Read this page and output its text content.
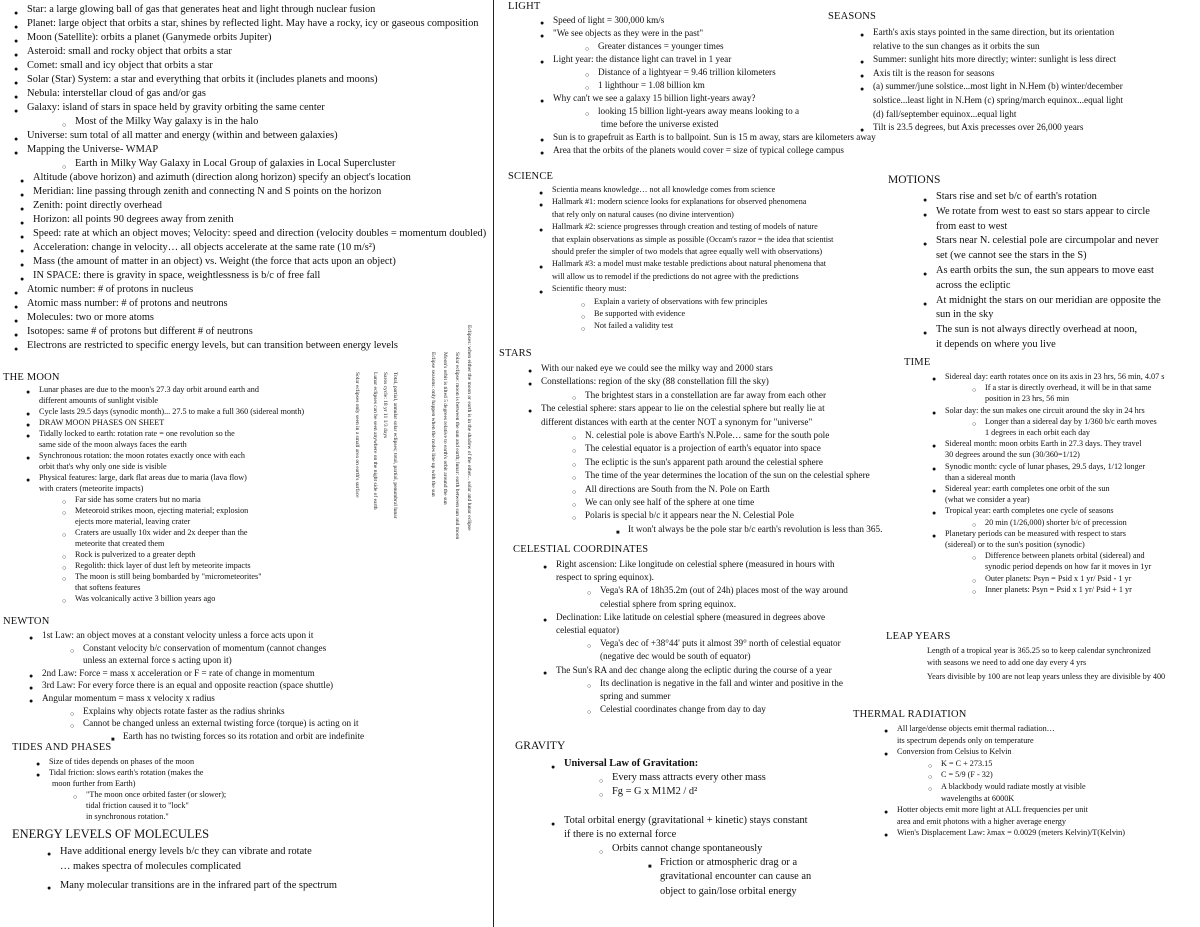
● Star: a large glowing ball of gas that generates heat and light through nuclear fusion
● Planet: large object that orbits a star, shines by reflected light. May have a rocky, icy or gaseous composition
● Moon (Satellite): orbits a planet (Ganymede orbits Jupiter)
● Asteroid: small and rocky object that orbits a star
● Comet: small and icy object that orbits a star
● Solar (Star) System: a star and everything that orbits it (includes planets and moons)
● Nebula: interstellar cloud of gas and/or gas
● Galaxy: island of stars in space held by gravity orbiting the same center
○ Most of the Milky Way galaxy is in the halo
● Universe: sum total of all matter and energy (within and between galaxies)
● Mapping the Universe- WMAP
○ Earth in Milky Way Galaxy in Local Group of galaxies in Local Supercluster
● Altitude (above horizon) and azimuth (direction along horizon) specify an object's location
● Meridian: line passing through zenith and connecting N and S points on the horizon
● Zenith: point directly overhead
● Horizon: all points 90 degrees away from zenith
● Speed: rate at which an object moves; Velocity: speed and direction (velocity doubles = momentum doubled)
● Acceleration: change in velocity… all objects accelerate at the same rate (10 m/s²)
● Mass (the amount of matter in an object) vs. Weight (the force that acts upon an object)
● IN SPACE: there is gravity in space, weightlessness is b/c of free fall
● Atomic number: # of protons in nucleus
● Atomic mass number: # of protons and neutrons
● Molecules: two or more atoms
● Isotopes: same # of protons but different # of neutrons
● Electrons are restricted to specific energy levels, but can transition between energy levels
THE MOON
● Lunar phases are due to the moon's 27.3 day orbit around earth and
different amounts of sunlight visible
● Cycle lasts 29.5 days (synodic month)... 27.5 to make a full 360 (sidereal month)
● DRAW MOON PHASES ON SHEET
● Tidally locked to earth: rotation rate = one revolution so the
same side of the moon always faces the earth
● Synchronous rotation: the moon rotates exactly once with each
orbit that's why only one side is visible
● Physical features: large, dark flat areas due to maria (lava flow)
with craters (meteorite impacts)
○ Far side has some craters but no maria
○ Meteoroid strikes moon, ejecting material; explosion
ejects more material, leaving crater
○ Craters are usually 10x wider and 2x deeper than the
meteorite that created them
○ Rock is pulverized to a greater depth
○ Regolith: thick layer of dust left by meteorite impacts
○ The moon is still being bombarded by "micrometeorites"
that softens features
○ Was volcanically active 3 billion years ago
Eclipses: when either the moon or earth is in the shadow of the other... solar and lunar eclipse
Solar eclipse: moon is between the sun and earth; lunar: earth between sun and moon
Moon's orbit is tilted 5 degrees relative to earth's orbit around the sun
Eclipse seasons: only happen when the nodes line up with the sun
Total, partial, annular solar eclipses; total, partial, penumbral lunar
Saros cycle: 18 yr 11 1/3 days
Lunar eclipses can be seen anywhere on the night side of earth
Solar eclipses only seen in a small area on earth's surface
NEWTON
● 1st Law: an object moves at a constant velocity unless a force acts upon it
○ Constant velocity b/c conservation of momentum (cannot changes
unless an external force s acting upon it)
● 2nd Law: Force = mass x acceleration or F = rate of change in momentum
● 3rd Law: For every force there is an equal and opposite reaction (space shuttle)
● Angular momentum = mass x velocity x radius
○ Explains why objects rotate faster as the radius shrinks
○ Cannot be changed unless an external twisting force (torque) is acting on it
■ Earth has no twisting forces so its rotation and orbit are indefinite
TIDES AND PHASES
● Size of tides depends on phases of the moon
● Tidal friction: slows earth's rotation (makes the
moon further from Earth)
○ "The moon once orbited faster (or slower);
tidal friction caused it to "lock"
in synchronous rotation."
ENERGY LEVELS OF MOLECULES
● Have additional energy levels b/c they can vibrate and rotate
… makes spectra of molecules complicated
● Many molecular transitions are in the infrared part of the spectrum
LIGHT
● Speed of light = 300,000 km/s
● "We see objects as they were in the past"
○ Greater distances = younger times
● Light year: the distance light can travel in 1 year
○ Distance of a lightyear = 9.46 trillion kilometers
○ 1 lighthour = 1.08 billion km
● Why can't we see a galaxy 15 billion light-years away?
○ looking 15 billion light-years away means looking to a
time before the universe existed
● Sun is to grapefruit as Earth is to ballpoint. Sun is 15 m away, stars are kilometers away
● Area that the orbits of the planets would cover = size of typical college campus
SEASONS
● Earth's axis stays pointed in the same direction, but its orientation
relative to the sun changes as it orbits the sun
● Summer: sunlight hits more directly; winter: sunlight is less direct
● Axis tilt is the reason for seasons
● (a) summer/june solstice...most light in N.Hem (b) winter/december
solstice...least light in N.Hem (c) spring/march equinox...equal light
(d) fall/september equinox...equal light
● Tilt is 23.5 degrees, but Axis precesses over 26,000 years
SCIENCE
● Scientia means knowledge… not all knowledge comes from science
● Hallmark #1: modern science looks for explanations for observed phenomena
that rely only on natural causes (no divine intervention)
● Hallmark #2: science progresses through creation and testing of models of nature
that explain observations as simple as possible (Occam's razor = the idea that scientist
should prefer the simpler of two models that agree equally well with observations)
● Hallmark #3: a model must make testable predictions about natural phenomena that
will allow us to remodel if the predictions do not agree with the predictions
● Scientific theory must:
○ Explain a variety of observations with few principles
○ Be supported with evidence
○ Not failed a validity test
MOTIONS
● Stars rise and set b/c of earth's rotation
● We rotate from west to east so stars appear to circle
from east to west
● Stars near N. celestial pole are circumpolar and never
set (we cannot see the stars in the S)
● As earth orbits the sun, the sun appears to move east
across the ecliptic
● At midnight the stars on our meridian are opposite the
sun in the sky
● The sun is not always directly overhead at noon,
it depends on where you live
STARS
● With our naked eye we could see the milky way and 2000 stars
● Constellations: region of the sky (88 constellation fill the sky)
○ The brightest stars in a constellation are far away from each other
● The celestial sphere: stars appear to lie on the celestial sphere but really lie at
different distances with earth at the center NOT a synonym for "universe"
○ N. celestial pole is above Earth's N.Pole… same for the south pole
○ The celestial equator is a projection of earth's equator into space
○ The ecliptic is the sun's apparent path around the celestial sphere
○ The time of the year determines the location of the sun on the celestial sphere
○ All directions are South from the N. Pole on Earth
○ We can only see half of the sphere at one time
○ Polaris is special b/c it appears near the N. Celestial Pole
■ It won't always be the pole star b/c earth's revolution is less than 365.
TIME
● Sidereal day: earth rotates once on its axis in 23 hrs, 56 min, 4.07 s
○ If a star is directly overhead, it will be in that same
position in 23 hrs, 56 min
● Solar day: the sun makes one circuit around the sky in 24 hrs
○ Longer than a sidereal day by 1/360 b/c earth moves
1 degrees in each orbit each day
● Sidereal month: moon orbits Earth in 27.3 days. They travel
30 degrees around the sun (30/360=1/12)
● Synodic month: cycle of lunar phases, 29.5 days, 1/12 longer
than a sidereal month
● Sidereal year: earth completes one orbit of the sun
(what we consider a year)
● Tropical year: earth completes one cycle of seasons
○ 20 min (1/26,000) shorter b/c of precession
● Planetary periods can be measured with respect to stars
(sidereal) or to the sun's position (synodic)
○ Difference between planets orbital (sidereal) and
synodic period depends on how far it moves in 1yr
○ Outer planets: Psyn = Psid x 1 yr/ Psid - 1 yr
○ Inner planets: Psyn = Psid x 1 yr/ Psid + 1 yr
CELESTIAL COORDINATES
● Right ascension: Like longitude on celestial sphere (measured in hours with
respect to spring equinox).
○ Vega's RA of 18h35.2m (out of 24h) places most of the way around
celestial sphere from spring equinox.
● Declination: Like latitude on celestial sphere (measured in degrees above
celestial equator)
○ Vega's dec of +38°44' puts it almost 39° north of celestial equator
(negative dec would be south of equator)
● The Sun's RA and dec change along the ecliptic during the course of a year
○ Its declination is negative in the fall and winter and positive in the
spring and summer
○ Celestial coordinates change from day to day
LEAP YEARS
● Length of a tropical year is 365.25 so to keep calendar synchronized
with seasons we need to add one day every 4 yrs
● Years divisible by 100 are not leap years unless they are divisible by 400
THERMAL RADIATION
● All large/dense objects emit thermal radiation…
its spectrum depends only on temperature
● Conversion from Celsius to Kelvin
○ K = C + 273.15
○ C = 5/9 (F - 32)
○ A blackbody would radiate mostly at visible
wavelengths at 6000K
● Hotter objects emit more light at ALL frequencies per unit
area and emit photons with a higher average energy
● Wien's Displacement Law: λmax = 0.0029 (meters Kelvin)/T(Kelvin)
GRAVITY
● Universal Law of Gravitation:
○ Every mass attracts every other mass
○ Fg = G x M1M2 / d²
● Total orbital energy (gravitational + kinetic) stays constant
if there is no external force
○ Orbits cannot change spontaneously
■ Friction or atmospheric drag or a
gravitational encounter can cause an
object to gain/lose orbital energy
